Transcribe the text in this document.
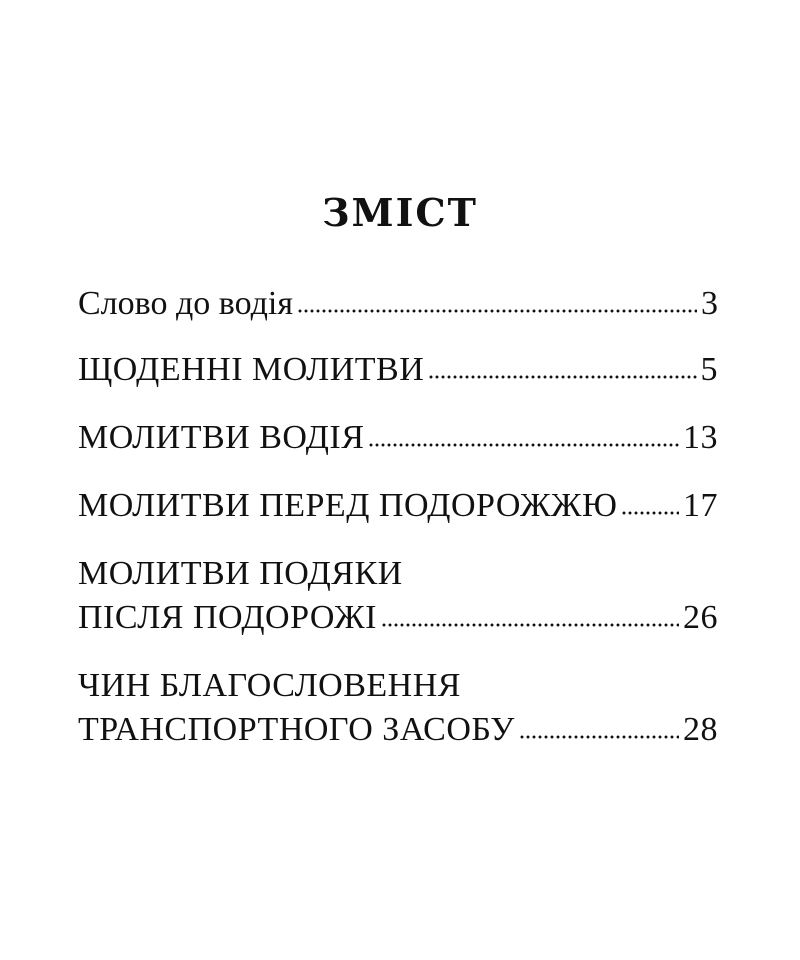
ЗМІСТ
Слово до водія	3
ЩОДЕННІ МОЛИТВИ	5
МОЛИТВИ ВОДІЯ	13
МОЛИТВИ ПЕРЕД ПОДОРОЖЖЮ 17
МОЛИТВИ ПОДЯКИ
ПІСЛЯ ПОДОРОЖІ	26
ЧИН БЛАГОСЛОВЕННЯ
ТРАНСПОРТНОГО ЗАСОБУ	28
